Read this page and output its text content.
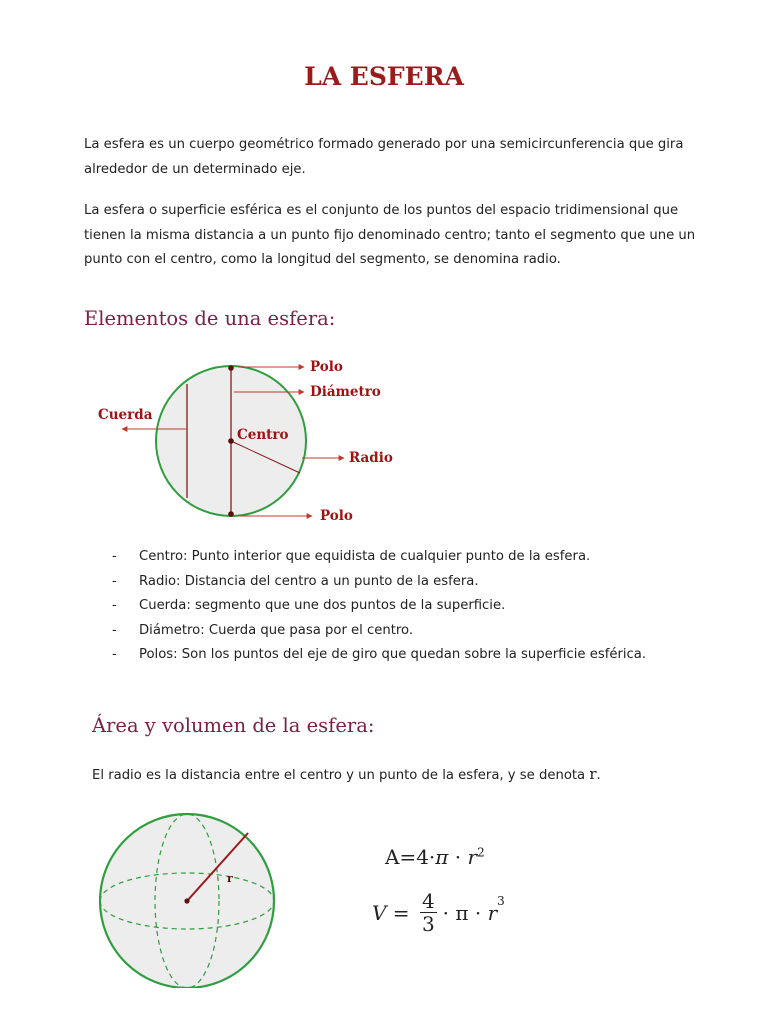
LA ESFERA

La esfera es un cuerpo geométrico formado generado por una semicircunferencia que gira alrededor de un determinado eje.

La esfera o superficie esférica es el conjunto de los puntos del espacio tridimensional que tienen la misma distancia a un punto fijo denominado centro; tanto el segmento que une un punto con el centro, como la longitud del segmento, se denomina radio.

Elementos de una esfera:
Polo
Diámetro
Cuerda
Centro
Radio
Polo
-	Centro: Punto interior que equidista de cualquier punto de la esfera.
-	Radio: Distancia del centro a un punto de la esfera.
-	Cuerda: segmento que une dos puntos de la superficie.
-	Diámetro: Cuerda que pasa por el centro.
-	Polos: Son los puntos del eje de giro que quedan sobre la superficie esférica.
Área y volumen de la esfera:

El radio es la distancia entre el centro y un punto de la esfera, y se denota r.

r
$A=4\cdot\pi \cdot r^2$
$V = \frac{4}{3} \cdot \pi \cdot r^3$
